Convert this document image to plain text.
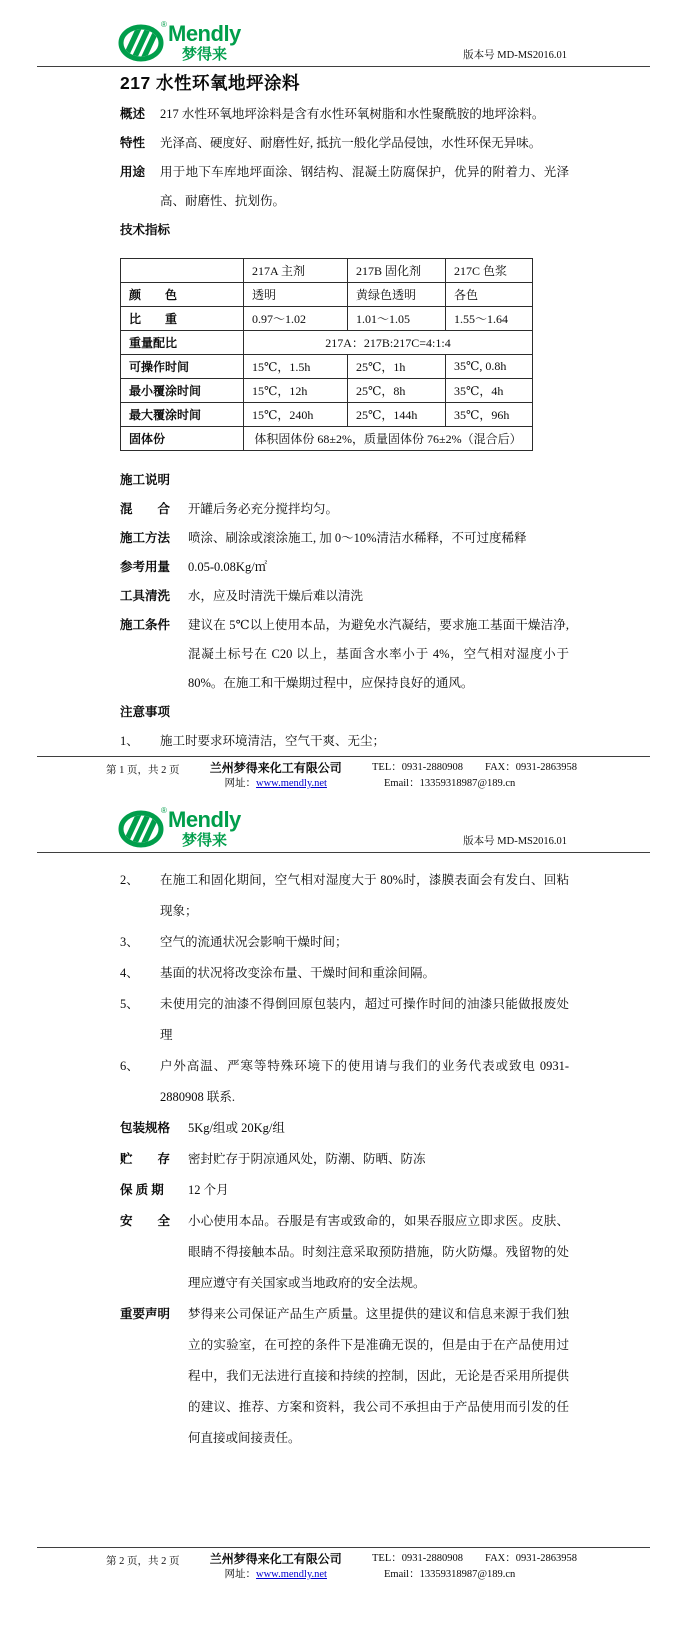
® Mendly
梦得来	版本号 MD-MS2016.01
217 水性环氧地坪涂料
概述	217 水性环氧地坪涂料是含有水性环氧树脂和水性聚酰胺的地坪涂料。
特性	光泽高、硬度好、耐磨性好, 抵抗一般化学品侵蚀，水性环保无异味。
用途	用于地下车库地坪面涂、钢结构、混凝土防腐保护，优异的附着力、光泽高、耐磨性、抗划伤。
技术指标
	217A 主剂	217B 固化剂	217C 色浆
颜　　色	透明	黄绿色透明	各色
比　　重	0.97～1.02	1.01～1.05	1.55～1.64
重量配比	217A：217B:217C=4:1:4		
可操作时间	15℃，1.5h	25℃，1h	35℃, 0.8h
最小覆涂时间	15℃，12h	25℃，8h	35℃，4h
最大覆涂时间	15℃，240h	25℃，144h	35℃，96h
固体份	体积固体份 68±2%，质量固体份 76±2%（混合后）		
施工说明
混　　合	开罐后务必充分搅拌均匀。
施工方法	喷涂、刷涂或滚涂施工, 加 0～10%清洁水稀释，不可过度稀释
参考用量	0.05-0.08Kg/㎡
工具清洗	水，应及时清洗干燥后难以清洗
施工条件	建议在 5℃以上使用本品，为避免水汽凝结，要求施工基面干燥洁净, 混凝土标号在 C20 以上，基面含水率小于 4%，空气相对湿度小于 80%。在施工和干燥期过程中，应保持良好的通风。
注意事项
1、	施工时要求环境清洁，空气干爽、无尘；
第 1 页，共 2 页	兰州梦得来化工有限公司
网址：www.mendly.net
TEL：0931-2880908 FAX：0931-2863958
Email：13359318987@189.cn
® Mendly
梦得来	版本号 MD-MS2016.01
2、	在施工和固化期间，空气相对湿度大于 80%时，漆膜表面会有发白、回粘现象；
3、	空气的流通状况会影响干燥时间；
4、	基面的状况将改变涂布量、干燥时间和重涂间隔。
5、	未使用完的油漆不得倒回原包装内，超过可操作时间的油漆只能做报废处理
6、	户外高温、严寒等特殊环境下的使用请与我们的业务代表或致电 0931-2880908 联系.
包装规格	5Kg/组或 20Kg/组
贮　　存	密封贮存于阴凉通风处，防潮、防晒、防冻
保 质 期	12 个月
安　　全	小心使用本品。吞服是有害或致命的，如果吞服应立即求医。皮肤、眼睛不得接触本品。时刻注意采取预防措施，防火防爆。残留物的处理应遵守有关国家或当地政府的安全法规。
重要声明	梦得来公司保证产品生产质量。这里提供的建议和信息来源于我们独立的实验室，在可控的条件下是准确无误的，但是由于在产品使用过程中，我们无法进行直接和持续的控制，因此，无论是否采用所提供的建议、推荐、方案和资料，我公司不承担由于产品使用而引发的任何直接或间接责任。
第 2 页，共 2 页	兰州梦得来化工有限公司
网址：www.mendly.net
TEL：0931-2880908 FAX：0931-2863958
Email：13359318987@189.cn
